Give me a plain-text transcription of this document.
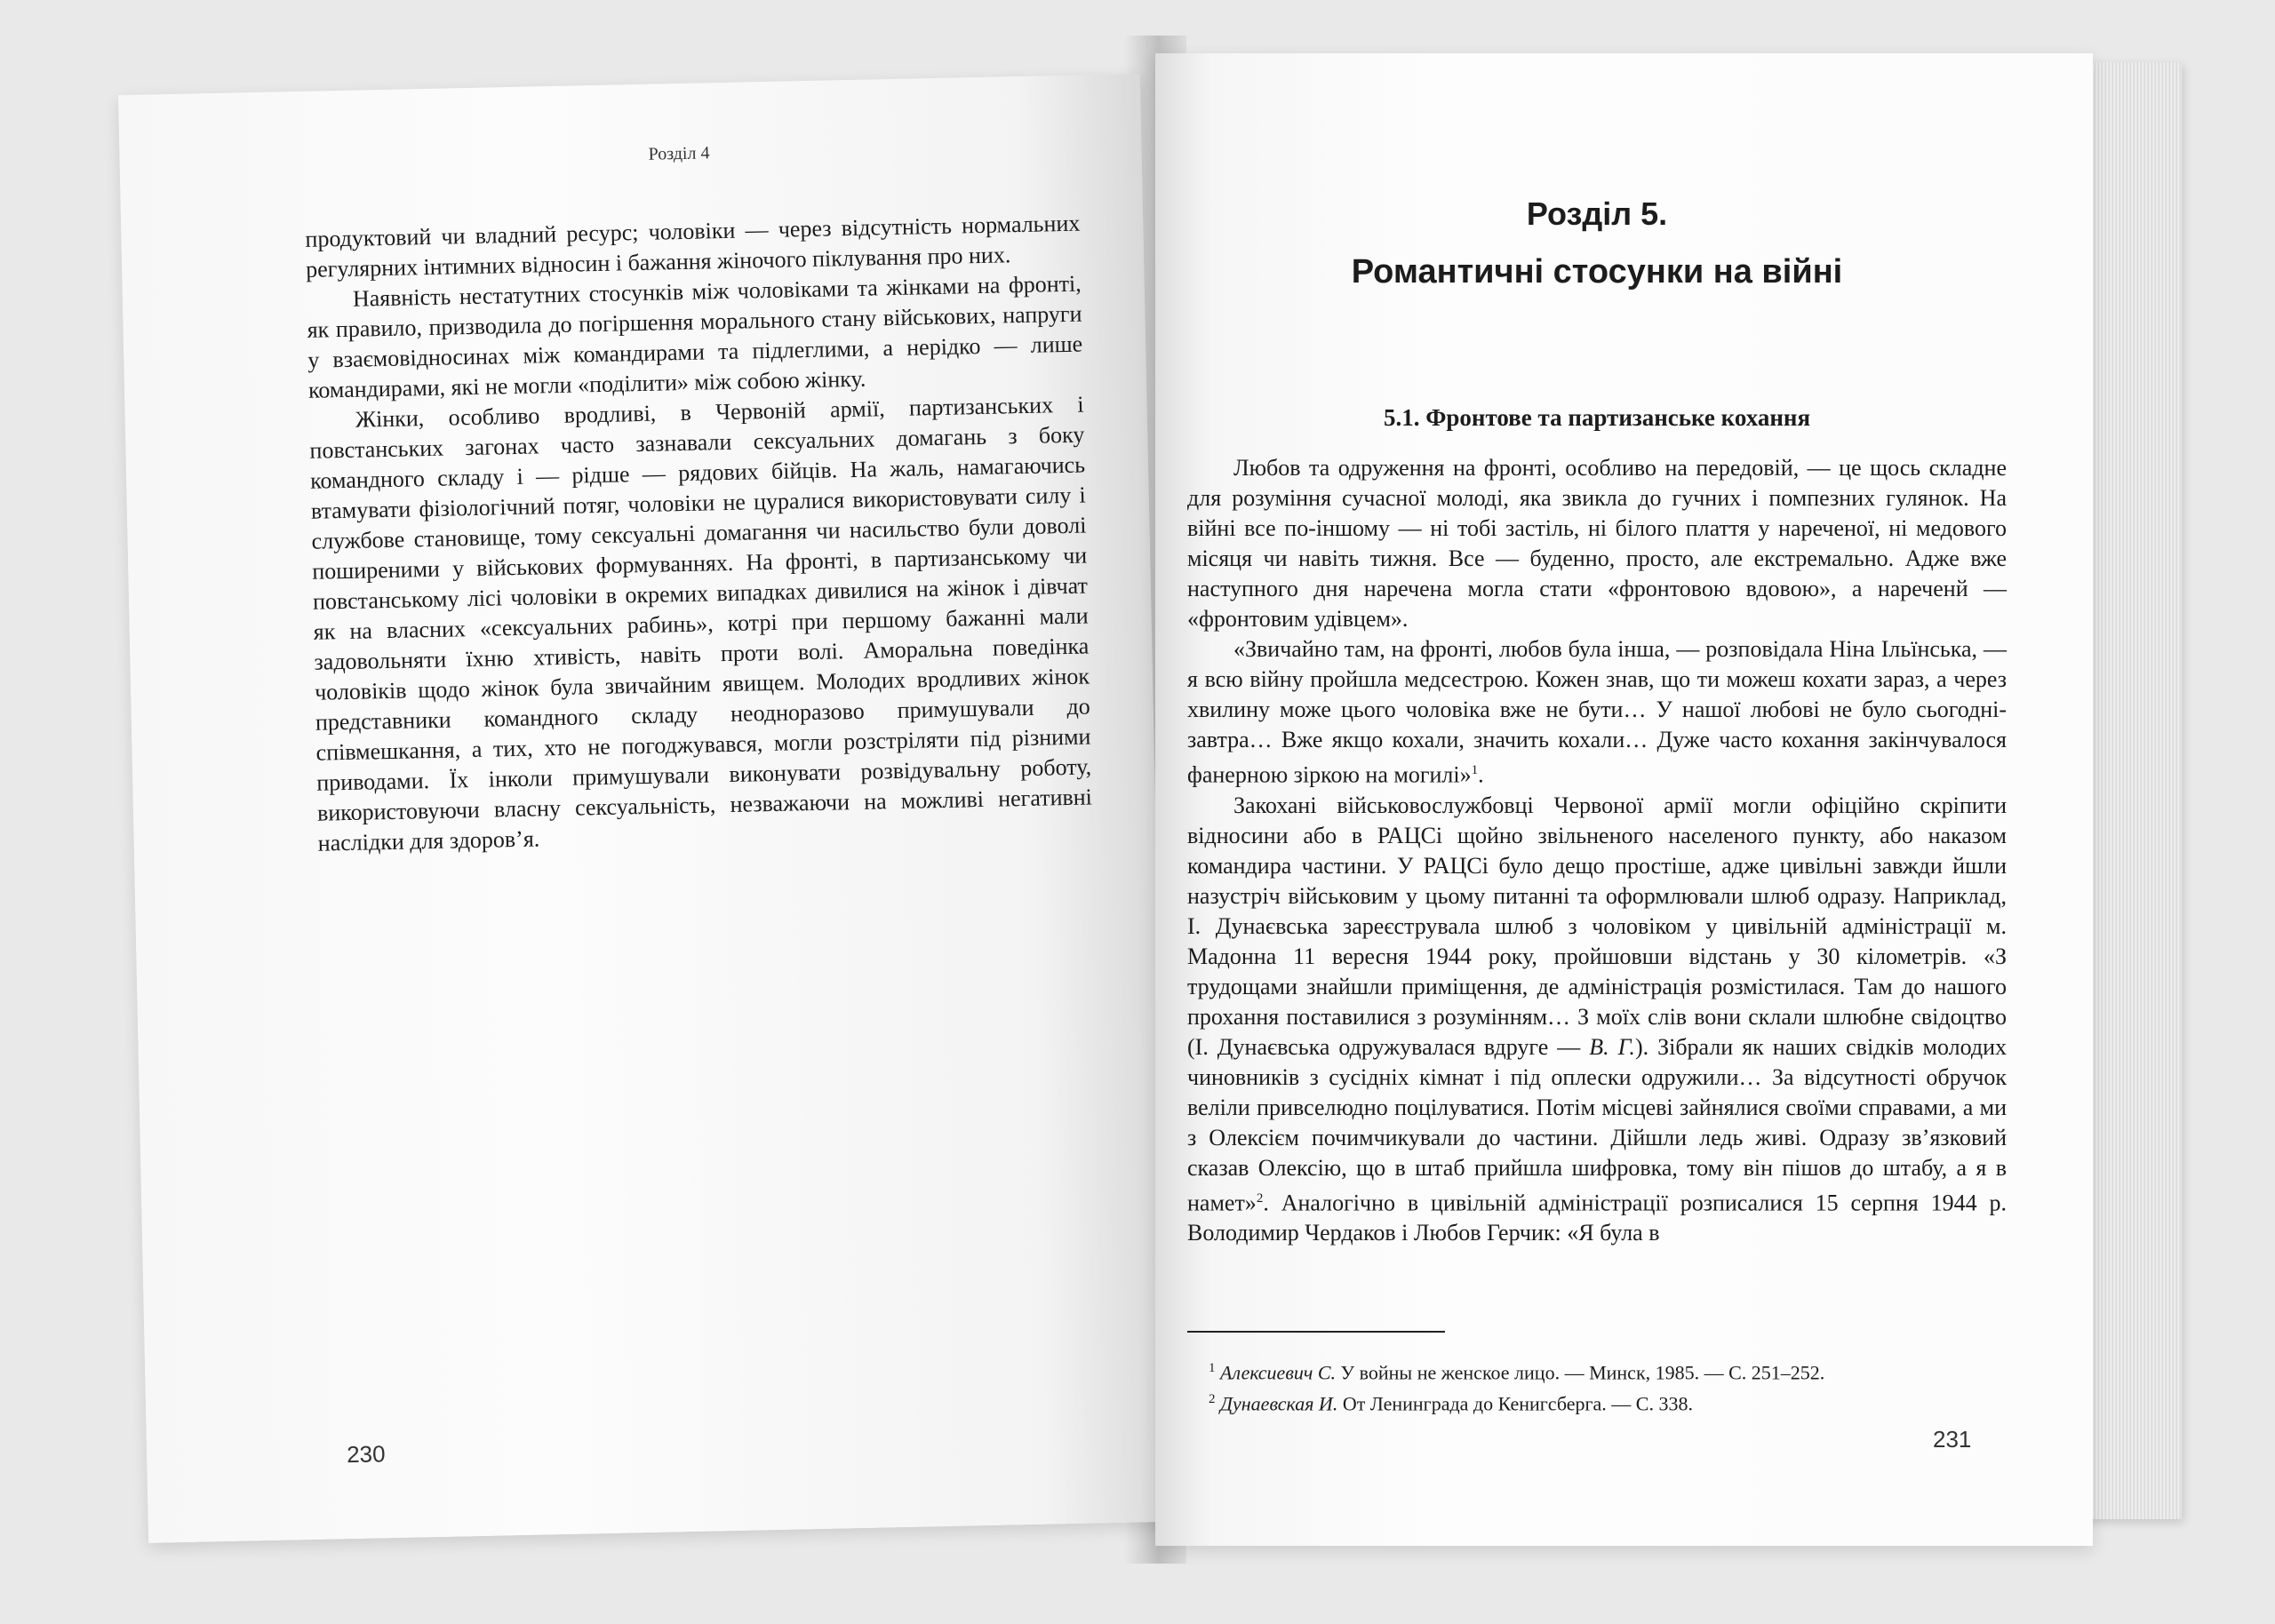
Розділ 4

продуктовий чи владний ресурс; чоловіки — через відсутність нормальних регулярних інтимних відносин і бажання жіночого піклування про них.

Наявність нестатутних стосунків між чоловіками та жінками на фронті, як правило, призводила до погіршення морального стану військових, напруги у взаємовідносинах між командирами та підлеглими, а нерідко — лише командирами, які не могли «поділити» між собою жінку.

Жінки, особливо вродливі, в Червоній армії, партизанських і повстанських загонах часто зазнавали сексуальних домагань з боку командного складу і — рідше — рядових бійців. На жаль, намагаючись втамувати фізіологічний потяг, чоловіки не цуралися використовувати силу і службове становище, тому сексуальні домагання чи насильство були доволі поширеними у військових формуваннях. На фронті, в партизанському чи повстанському лісі чоловіки в окремих випадках дивилися на жінок і дівчат як на власних «сексуальних рабинь», котрі при першому бажанні мали задовольняти їхню хтивість, навіть проти волі. Аморальна поведінка чоловіків щодо жінок була звичайним явищем. Молодих вродливих жінок представники командного складу неодноразово примушували до співмешкання, а тих, хто не погоджувався, могли розстріляти під різними приводами. Їх інколи примушували виконувати розвідувальну роботу, використовуючи власну сексуальність, незважаючи на можливі негативні наслідки для здоров’я.

230
Розділ 5.
Романтичні стосунки на війні
5.1. Фронтове та партизанське кохання

Любов та одруження на фронті, особливо на передовій, — це щось складне для розуміння сучасної молоді, яка звикла до гучних і помпезних гулянок. На війні все по-іншому — ні тобі застіль, ні білого плаття у нареченої, ні медового місяця чи навіть тижня. Все — буденно, просто, але екстремально. Адже вже наступного дня наречена могла стати «фронтовою вдовою», а нареченй — «фронтовим удівцем».

«Звичайно там, на фронті, любов була інша, — розповідала Ніна Ільїнська, — я всю війну пройшла медсестрою. Кожен знав, що ти можеш кохати зараз, а через хвилину може цього чоловіка вже не бути… У нашої любові не було сьогодні-завтра… Вже якщо кохали, значить кохали… Дуже часто кохання закінчувалося фанерною зіркою на могилі»$^1$.

Закохані військовослужбовці Червоної армії могли офіційно скріпити відносини або в РАЦСі щойно звільненого населеного пункту, або наказом командира частини. У РАЦСі було дещо простіше, адже цивільні завжди йшли назустріч військовим у цьому питанні та оформлювали шлюб одразу. Наприклад, І. Дунаєвська зареєструвала шлюб з чоловіком у цивільній адміністрації м. Мадонна 11 вересня 1944 року, пройшовши відстань у 30 кілометрів. «З трудощами знайшли приміщення, де адміністрація розмістилася. Там до нашого прохання поставилися з розумінням… З моїх слів вони склали шлюбне свідоцтво (І. Дунаєвська одружувалася вдруге — В. Г.). Зібрали як наших свідків молодих чиновників з сусідніх кімнат і під оплески одружили… За відсутності обручок веліли привселюдно поцілуватися. Потім місцеві зайнялися своїми справами, а ми з Олексієм почимчикували до частини. Дійшли ледь живі. Одразу зв’язковий сказав Олексію, що в штаб прийшла шифровка, тому він пішов до штабу, а я в намет»$^2$. Аналогічно в цивільній адміністрації розписалися 15 серпня 1944 р. Володимир Чердаков і Любов Герчик: «Я була в

$^1$ Алексиевич С. У войны не женское лицо. — Минск, 1985. — С. 251–252.
$^2$ Дунаевская И. От Ленинграда до Кенигсберга. — С. 338.
231
